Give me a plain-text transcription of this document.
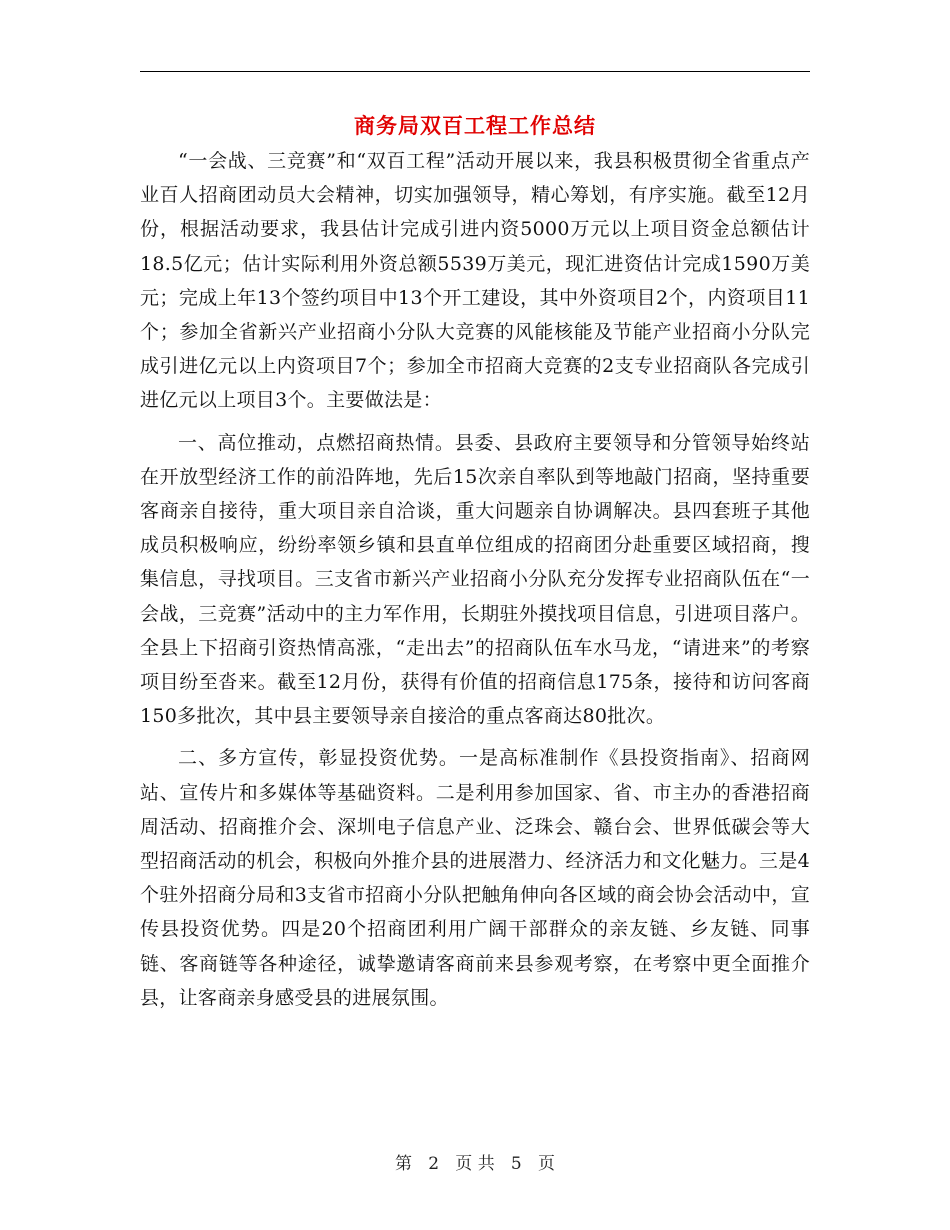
商务局双百工程工作总结

“一会战、三竞赛”和“双百工程”活动开展以来，我县积极贯彻全省重点产业百人招商团动员大会精神，切实加强领导，精心筹划，有序实施。截至12月份，根据活动要求，我县估计完成引进内资5000万元以上项目资金总额估计18.5亿元；估计实际利用外资总额5539万美元，现汇进资估计完成1590万美元；完成上年13个签约项目中13个开工建设，其中外资项目2个，内资项目11个；参加全省新兴产业招商小分队大竞赛的风能核能及节能产业招商小分队完成引进亿元以上内资项目7个；参加全市招商大竞赛的2支专业招商队各完成引进亿元以上项目3个。主要做法是：

一、高位推动，点燃招商热情。县委、县政府主要领导和分管领导始终站在开放型经济工作的前沿阵地，先后15次亲自率队到等地敲门招商，坚持重要客商亲自接待，重大项目亲自洽谈，重大问题亲自协调解决。县四套班子其他成员积极响应，纷纷率领乡镇和县直单位组成的招商团分赴重要区域招商，搜集信息，寻找项目。三支省市新兴产业招商小分队充分发挥专业招商队伍在“一会战，三竞赛”活动中的主力军作用，长期驻外摸找项目信息，引进项目落户。全县上下招商引资热情高涨，“走出去”的招商队伍车水马龙，“请进来”的考察项目纷至沓来。截至12月份，获得有价值的招商信息175条，接待和访问客商150多批次，其中县主要领导亲自接洽的重点客商达80批次。

二、多方宣传，彰显投资优势。一是高标准制作《县投资指南》、招商网站、宣传片和多媒体等基础资料。二是利用参加国家、省、市主办的香港招商周活动、招商推介会、深圳电子信息产业、泛珠会、赣台会、世界低碳会等大型招商活动的机会，积极向外推介县的进展潜力、经济活力和文化魅力。三是4个驻外招商分局和3支省市招商小分队把触角伸向各区域的商会协会活动中，宣传县投资优势。四是20个招商团利用广阔干部群众的亲友链、乡友链、同事链、客商链等各种途径，诚挚邀请客商前来县参观考察，在考察中更全面推介县，让客商亲身感受县的进展氛围。

第 2 页 共 5 页
